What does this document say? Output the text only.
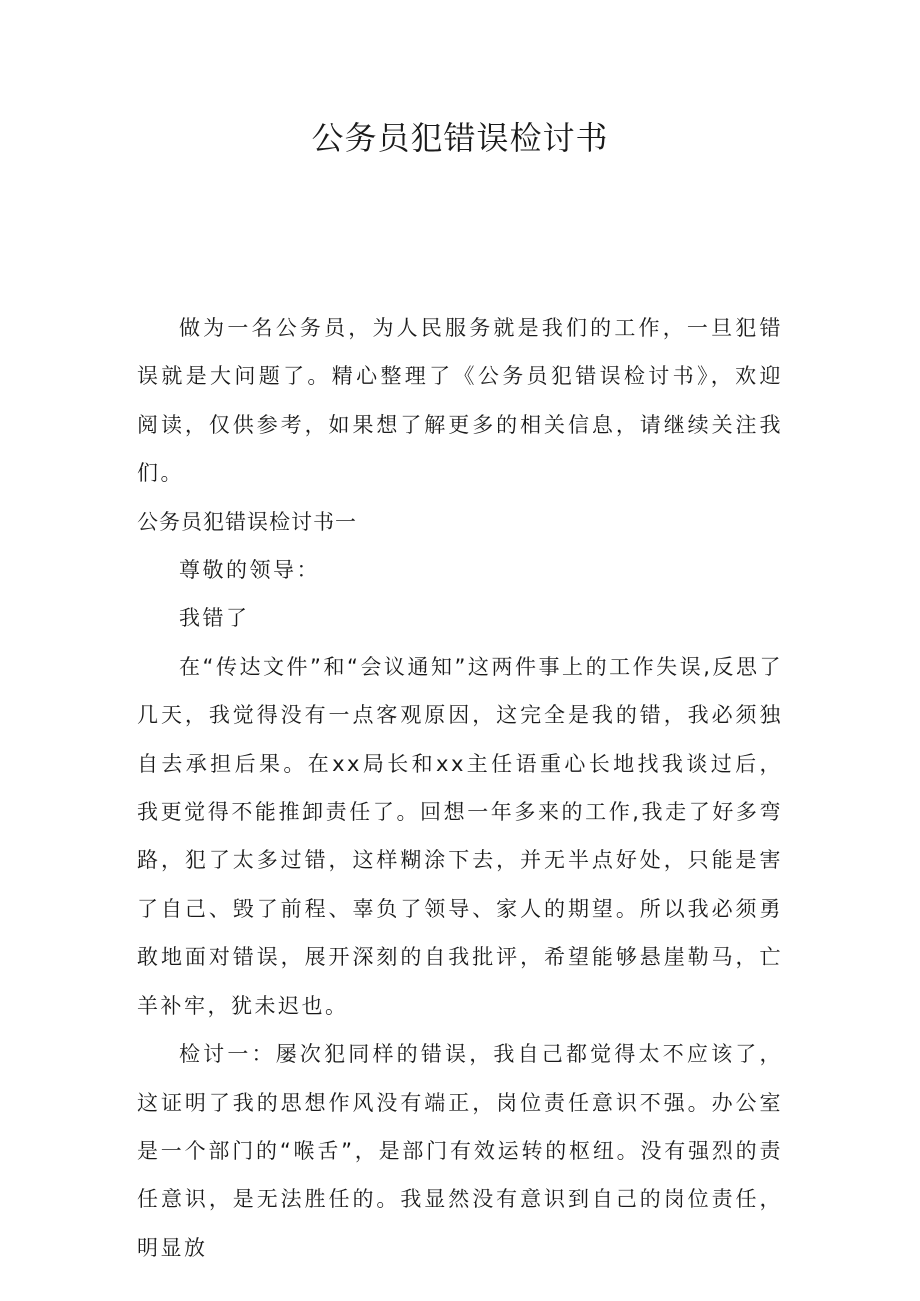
公务员犯错误检讨书

做为一名公务员，为人民服务就是我们的工作，一旦犯错误就是大问题了。精心整理了《公务员犯错误检讨书》，欢迎阅读，仅供参考，如果想了解更多的相关信息，请继续关注我们。

公务员犯错误检讨书一

尊敬的领导：

我错了

在“传达文件”和“会议通知”这两件事上的工作失误,反思了几天，我觉得没有一点客观原因，这完全是我的错，我必须独自去承担后果。在xx局长和xx主任语重心长地找我谈过后，我更觉得不能推卸责任了。回想一年多来的工作,我走了好多弯路，犯了太多过错，这样糊涂下去，并无半点好处，只能是害了自己、毁了前程、辜负了领导、家人的期望。所以我必须勇敢地面对错误，展开深刻的自我批评，希望能够悬崖勒马，亡羊补牢，犹未迟也。

检讨一：屡次犯同样的错误，我自己都觉得太不应该了，这证明了我的思想作风没有端正，岗位责任意识不强。办公室是一个部门的“喉舌”，是部门有效运转的枢纽。没有强烈的责任意识，是无法胜任的。我显然没有意识到自己的岗位责任，明显放
